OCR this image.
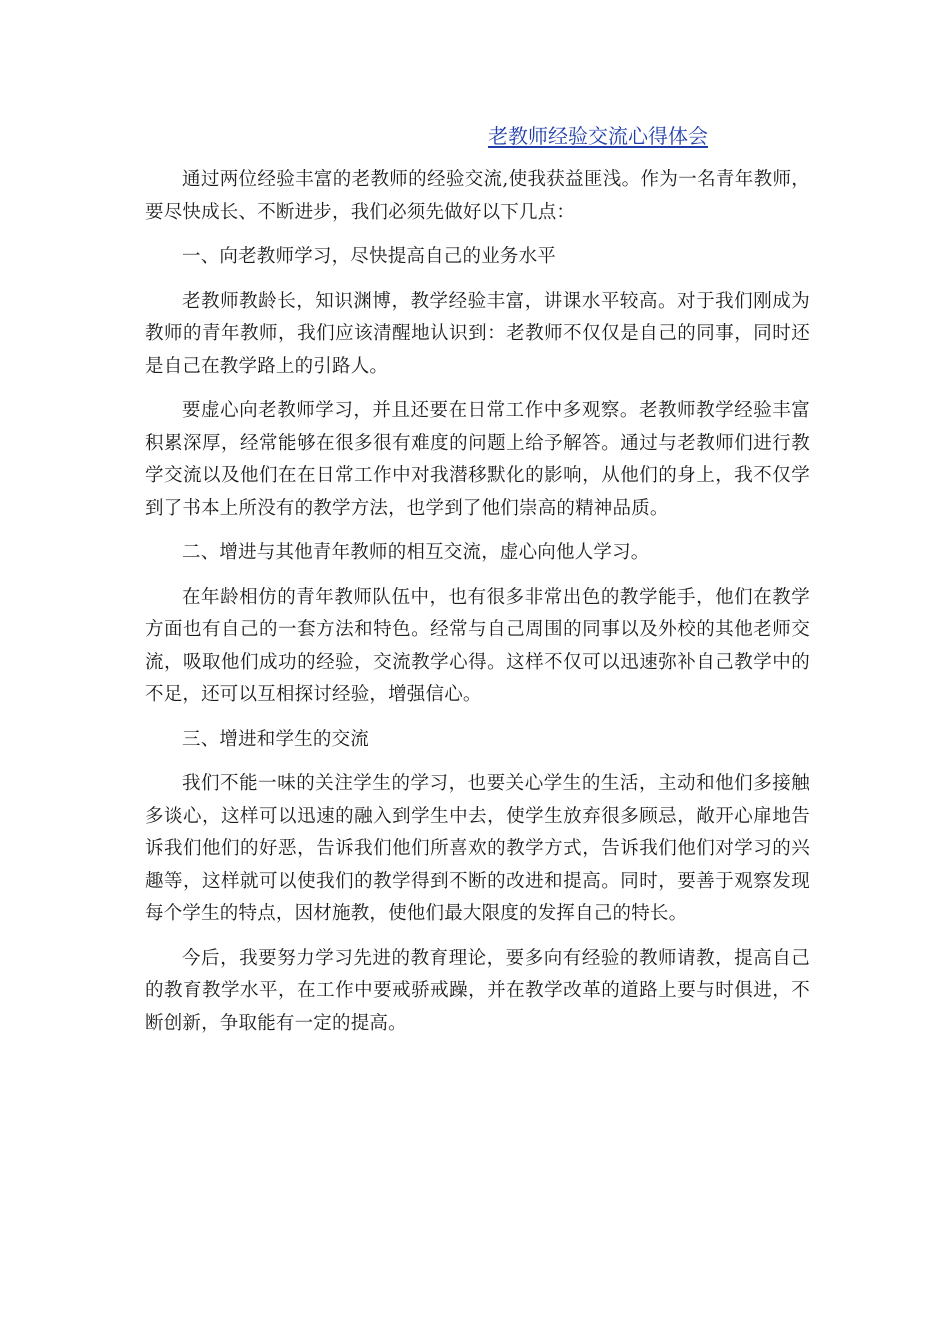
老教师经验交流心得体会

通过两位经验丰富的老教师的经验交流,使我获益匪浅。作为一名青年教师，要尽快成长、不断进步，我们必须先做好以下几点：

一、向老教师学习，尽快提高自己的业务水平

老教师教龄长，知识渊博，教学经验丰富，讲课水平较高。对于我们刚成为教师的青年教师，我们应该清醒地认识到：老教师不仅仅是自己的同事，同时还是自己在教学路上的引路人。

要虚心向老教师学习，并且还要在日常工作中多观察。老教师教学经验丰富积累深厚，经常能够在很多很有难度的问题上给予解答。通过与老教师们进行教学交流以及他们在在日常工作中对我潜移默化的影响，从他们的身上，我不仅学到了书本上所没有的教学方法，也学到了他们崇高的精神品质。

二、增进与其他青年教师的相互交流，虚心向他人学习。

在年龄相仿的青年教师队伍中，也有很多非常出色的教学能手，他们在教学方面也有自己的一套方法和特色。经常与自己周围的同事以及外校的其他老师交流，吸取他们成功的经验，交流教学心得。这样不仅可以迅速弥补自己教学中的不足，还可以互相探讨经验，增强信心。

三、增进和学生的交流

我们不能一味的关注学生的学习，也要关心学生的生活，主动和他们多接触多谈心，这样可以迅速的融入到学生中去，使学生放弃很多顾忌，敞开心扉地告诉我们他们的好恶，告诉我们他们所喜欢的教学方式，告诉我们他们对学习的兴趣等，这样就可以使我们的教学得到不断的改进和提高。同时，要善于观察发现每个学生的特点，因材施教，使他们最大限度的发挥自己的特长。

今后，我要努力学习先进的教育理论，要多向有经验的教师请教，提高自己的教育教学水平，在工作中要戒骄戒躁，并在教学改革的道路上要与时俱进，不断创新，争取能有一定的提高。
